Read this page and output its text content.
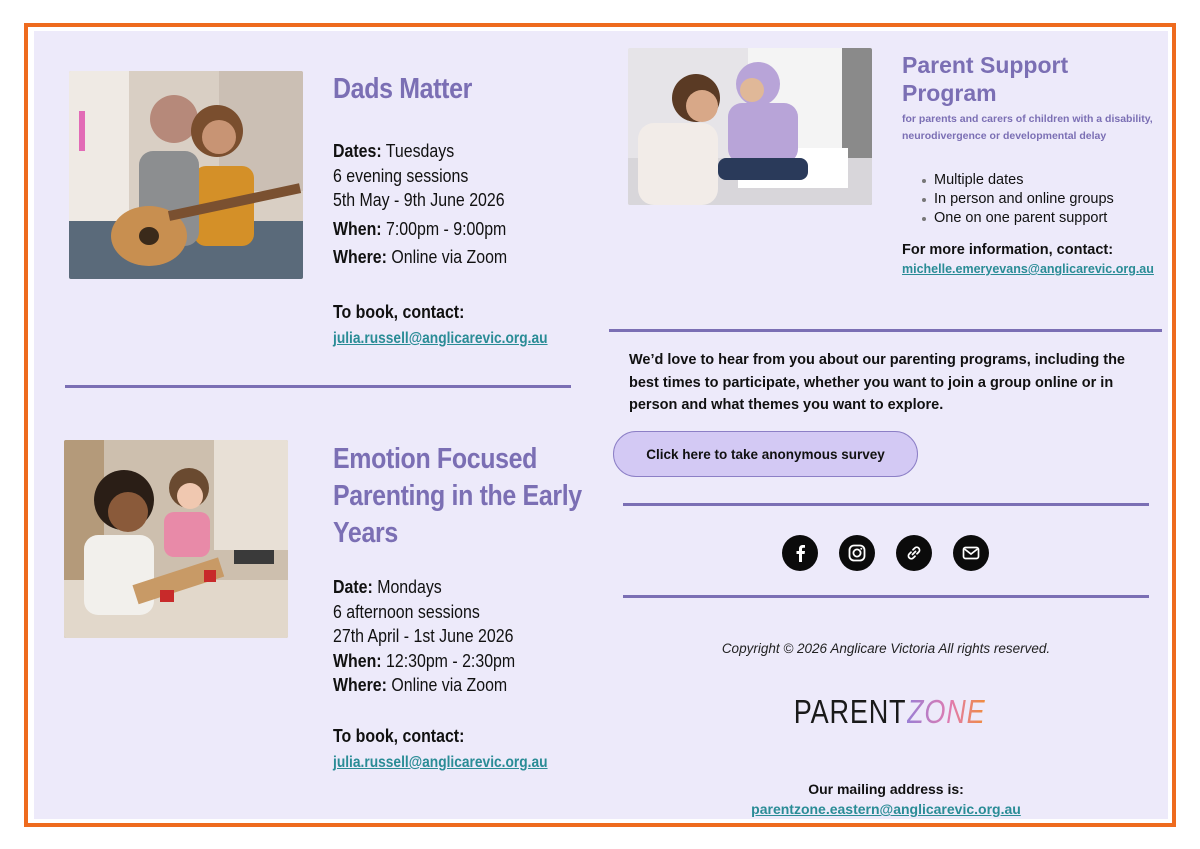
Dads Matter
Dates: Tuesdays
6 evening sessions
5th May - 9th June 2026
When: 7:00pm - 9:00pm
Where: Online via Zoom
To book, contact:
julia.russell@anglicarevic.org.au
Emotion Focused
Parenting in the Early
Years
Date: Mondays
6 afternoon sessions
27th April - 1st June 2026
When: 12:30pm - 2:30pm
Where: Online via Zoom
To book, contact:
julia.russell@anglicarevic.org.au
Parent Support Program
for parents and carers of children with a disability, neurodivergence or developmental delay
Multiple dates
In person and online groups
One on one parent support
For more information, contact:
michelle.emeryevans@anglicarevic.org.au
We’d love to hear from you about our parenting programs, including the best times to participate, whether you want to join a group online or in person and what themes you want to explore.
Click here to take anonymous survey
Copyright © 2026 Anglicare Victoria All rights reserved.
PARENTZONE
Our mailing address is:
parentzone.eastern@anglicarevic.org.au
